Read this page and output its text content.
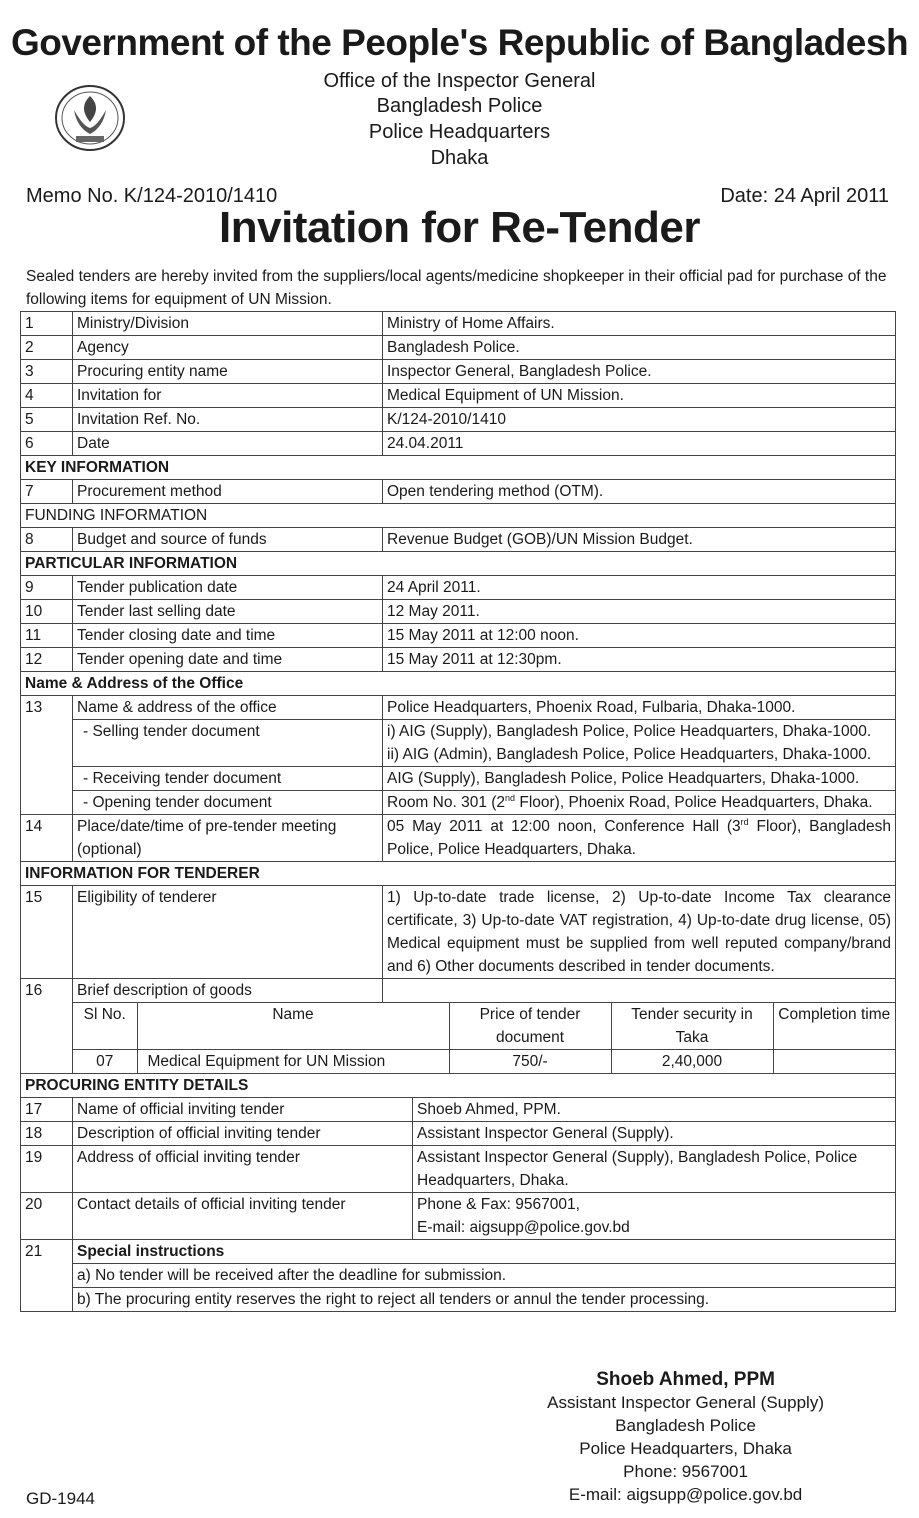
Government of the People's Republic of Bangladesh
Office of the Inspector General
Bangladesh Police
Police Headquarters
Dhaka
Memo No. K/124-2010/1410	Date: 24 April 2011
Invitation for Re-Tender
Sealed tenders are hereby invited from the suppliers/local agents/medicine shopkeeper in their official pad for purchase of the following items for equipment of UN Mission.
1	Ministry/Division	Ministry of Home Affairs.
2	Agency	Bangladesh Police.
3	Procuring entity name	Inspector General, Bangladesh Police.
4	Invitation for	Medical Equipment of UN Mission.
5	Invitation Ref. No.	K/124-2010/1410
6	Date	24.04.2011
KEY INFORMATION
7	Procurement method	Open tendering method (OTM).
FUNDING INFORMATION
8	Budget and source of funds	Revenue Budget (GOB)/UN Mission Budget.
PARTICULAR INFORMATION
9	Tender publication date	24 April 2011.
10	Tender last selling date	12 May 2011.
11	Tender closing date and time	15 May 2011 at 12:00 noon.
12	Tender opening date and time	15 May 2011 at 12:30pm.
Name & Address of the Office
13	Name & address of the office	Police Headquarters, Phoenix Road, Fulbaria, Dhaka-1000.
- Selling tender document	i) AIG (Supply), Bangladesh Police, Police Headquarters, Dhaka-1000.
ii) AIG (Admin), Bangladesh Police, Police Headquarters, Dhaka-1000.

- Receiving tender document	AIG (Supply), Bangladesh Police, Police Headquarters, Dhaka-1000.
- Opening tender document	Room No. 301 (2nd Floor), Phoenix Road, Police Headquarters, Dhaka.
14	Place/date/time of pre-tender meeting (optional)	05 May 2011 at 12:00 noon, Conference Hall (3rd Floor), Bangladesh Police, Police Headquarters, Dhaka.
INFORMATION FOR TENDERER
15	Eligibility of tenderer	1) Up-to-date trade license, 2) Up-to-date Income Tax clearance certificate, 3) Up-to-date VAT registration, 4) Up-to-date drug license, 05) Medical equipment must be supplied from well reputed company/brand and 6) Other documents described in tender documents.
16	Brief description of goods	

Sl No.	Name	Price of tender document	Tender security in Taka	Completion time
07	Medical Equipment for UN Mission	750/-	2,40,000	

PROCURING ENTITY DETAILS
17	Name of official inviting tender	Shoeb Ahmed, PPM.
18	Description of official inviting tender	Assistant Inspector General (Supply).
19	Address of official inviting tender	Assistant Inspector General (Supply), Bangladesh Police, Police Headquarters, Dhaka.
20	Contact details of official inviting tender	Phone & Fax: 9567001,
E-mail: aigsupp@police.gov.bd

21	Special instructions
a) No tender will be received after the deadline for submission.
b) The procuring entity reserves the right to reject all tenders or annul the tender processing.
Shoeb Ahmed, PPM
Assistant Inspector General (Supply)
Bangladesh Police
Police Headquarters, Dhaka
Phone: 9567001
E-mail: aigsupp@police.gov.bd
GD-1944
